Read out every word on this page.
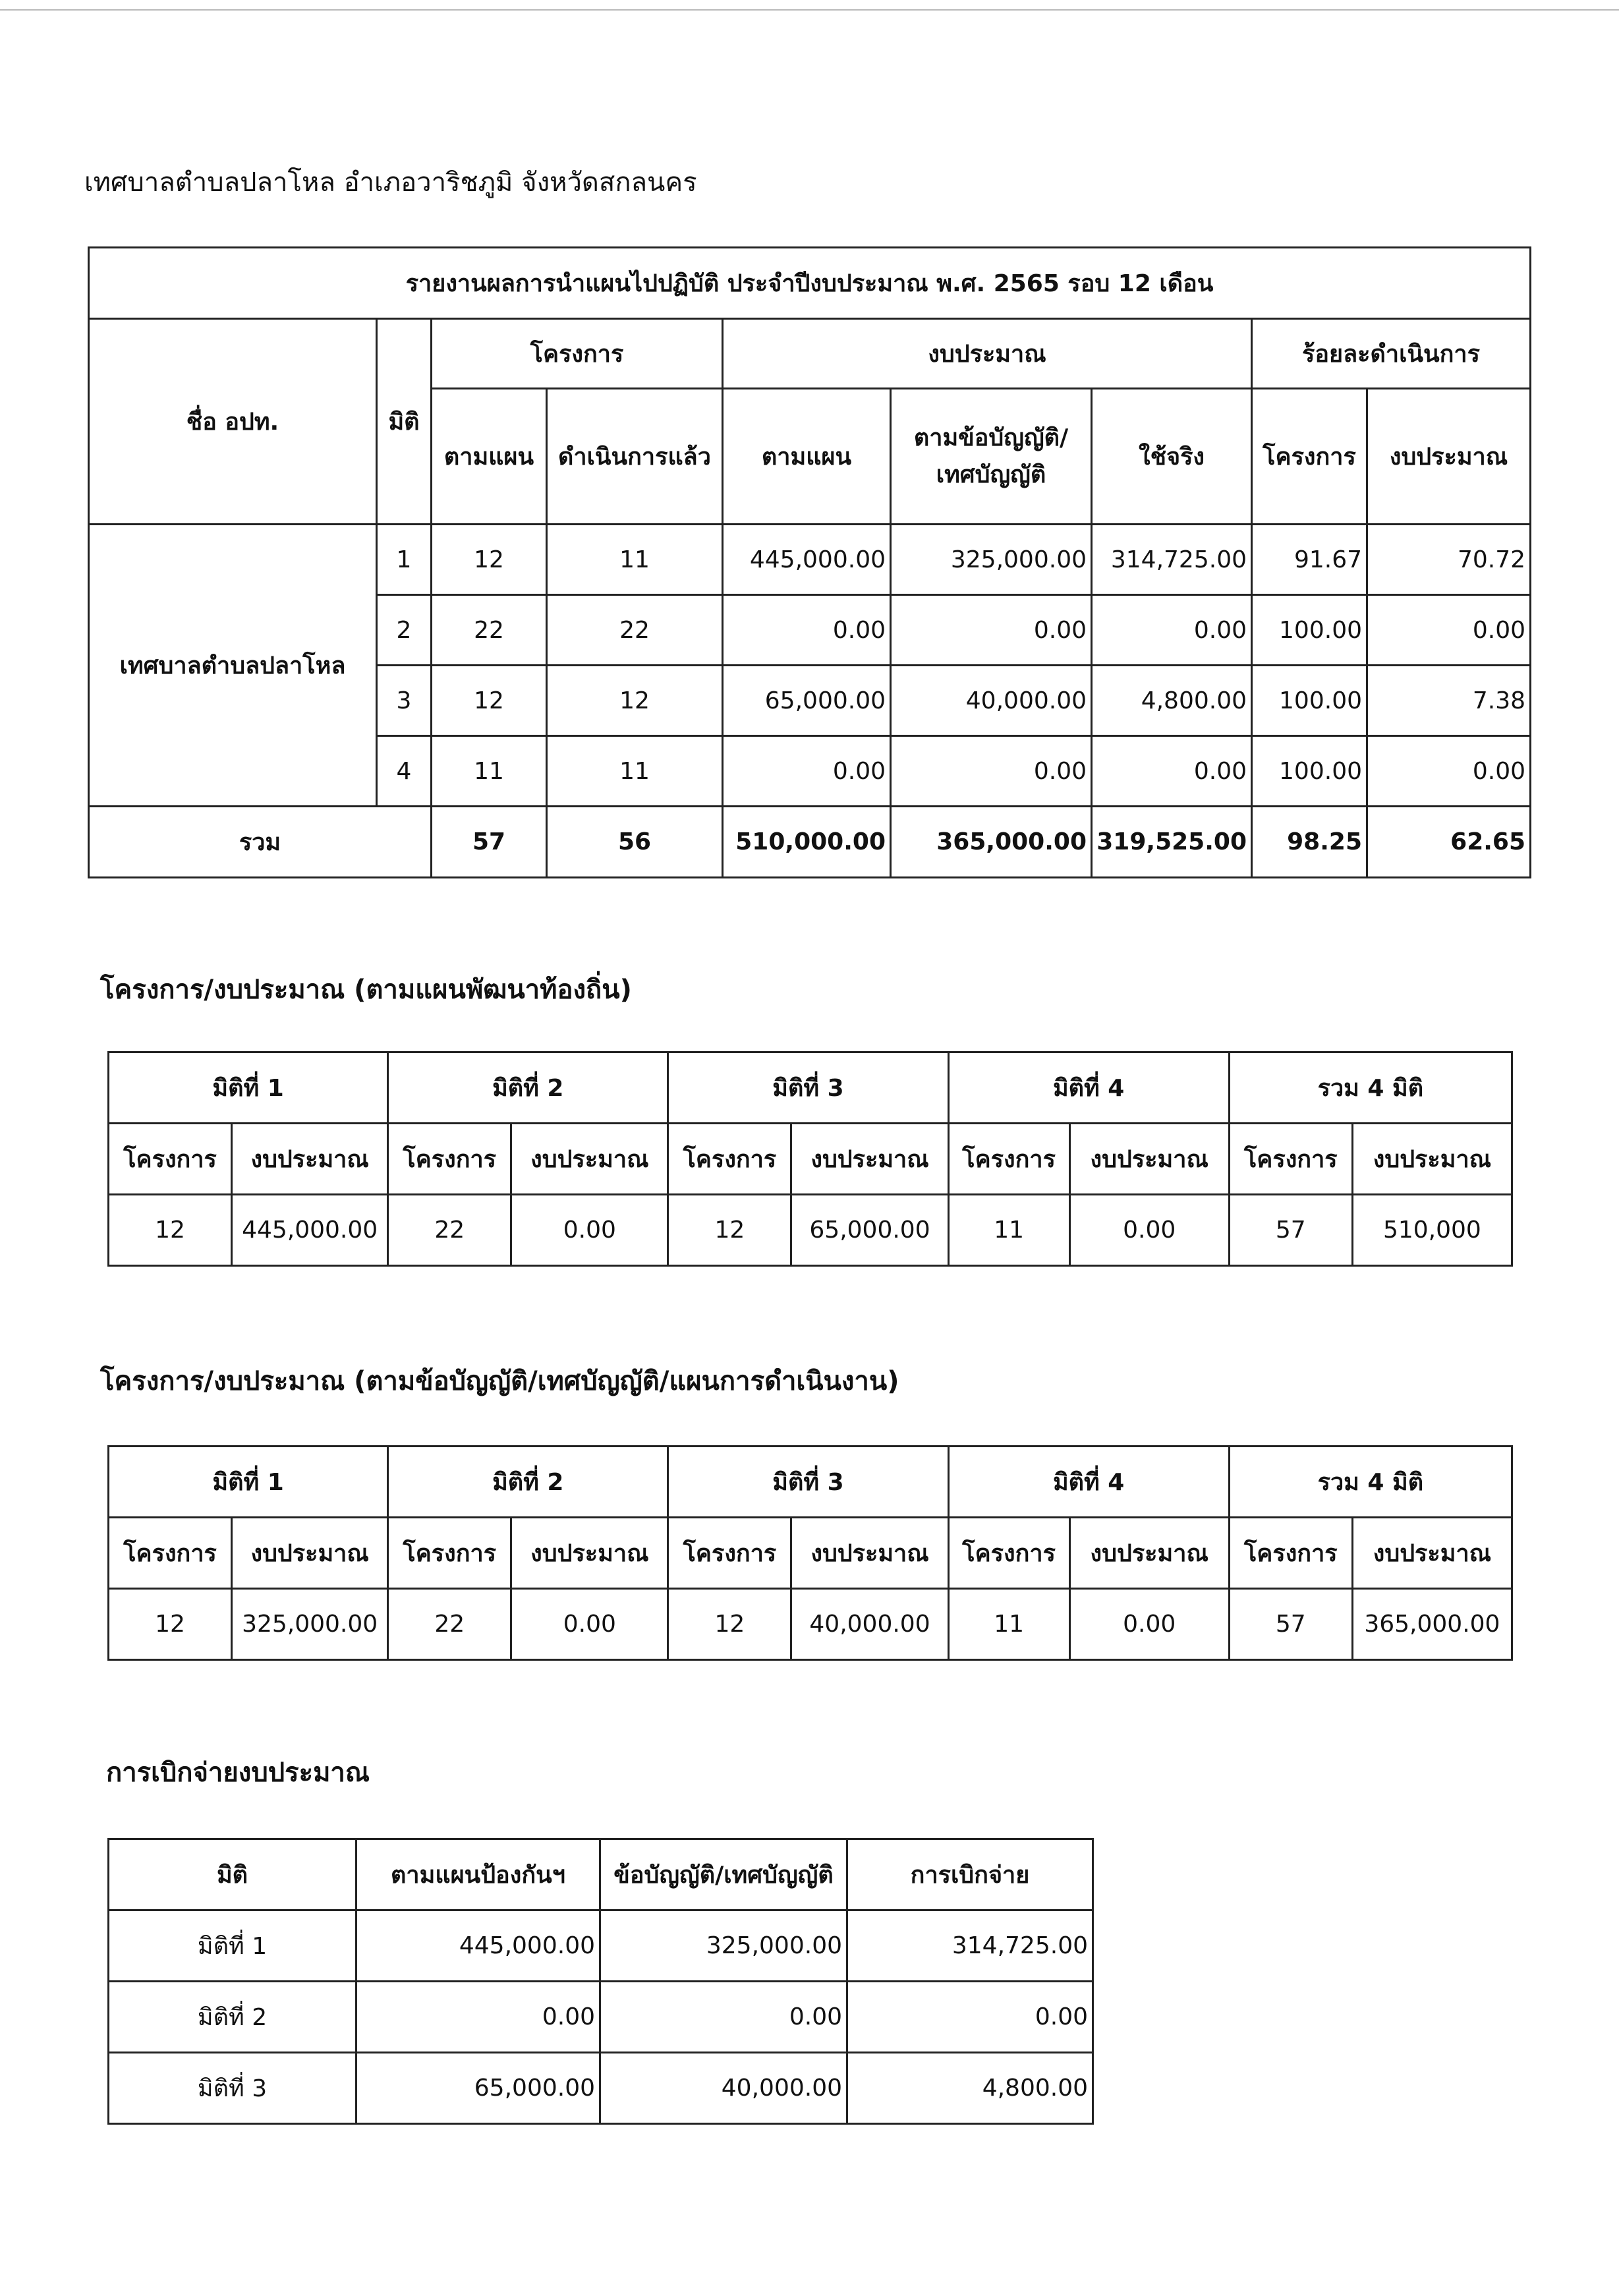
เทศบาลตำบลปลาโหล อำเภอวาริชภูมิ จังหวัดสกลนคร
รายงานผลการนำแผนไปปฏิบัติ ประจำปีงบประมาณ พ.ศ. 2565 รอบ 12 เดือน								
ชื่อ อปท.	มิติ	โครงการ		งบประมาณ			ร้อยละดำเนินการ	
		ตามแผน	ดำเนินการแล้ว	ตามแผน	ตามข้อบัญญัติ/
เทศบัญญัติ	ใช้จริง	โครงการ	งบประมาณ
เทศบาลตำบลปลาโหล	1	12	11	445,000.00	325,000.00	314,725.00	91.67	70.72
	2	22	22	0.00	0.00	0.00	100.00	0.00
	3	12	12	65,000.00	40,000.00	4,800.00	100.00	7.38
	4	11	11	0.00	0.00	0.00	100.00	0.00
รวม		57	56	510,000.00	365,000.00	319,525.00	98.25	62.65
โครงการ/งบประมาณ (ตามแผนพัฒนาท้องถิ่น)
มิติที่ 1		มิติที่ 2		มิติที่ 3		มิติที่ 4		รวม 4 มิติ	
โครงการ	งบประมาณ	โครงการ	งบประมาณ	โครงการ	งบประมาณ	โครงการ	งบประมาณ	โครงการ	งบประมาณ
12	445,000.00	22	0.00	12	65,000.00	11	0.00	57	510,000
โครงการ/งบประมาณ (ตามข้อบัญญัติ/เทศบัญญัติ/แผนการดำเนินงาน)
มิติที่ 1		มิติที่ 2		มิติที่ 3		มิติที่ 4		รวม 4 มิติ	
โครงการ	งบประมาณ	โครงการ	งบประมาณ	โครงการ	งบประมาณ	โครงการ	งบประมาณ	โครงการ	งบประมาณ
12	325,000.00	22	0.00	12	40,000.00	11	0.00	57	365,000.00
การเบิกจ่ายงบประมาณ
มิติ	ตามแผนป้องกันฯ	ข้อบัญญัติ/เทศบัญญัติ	การเบิกจ่าย
มิติที่ 1	445,000.00	325,000.00	314,725.00
มิติที่ 2	0.00	0.00	0.00
มิติที่ 3	65,000.00	40,000.00	4,800.00
